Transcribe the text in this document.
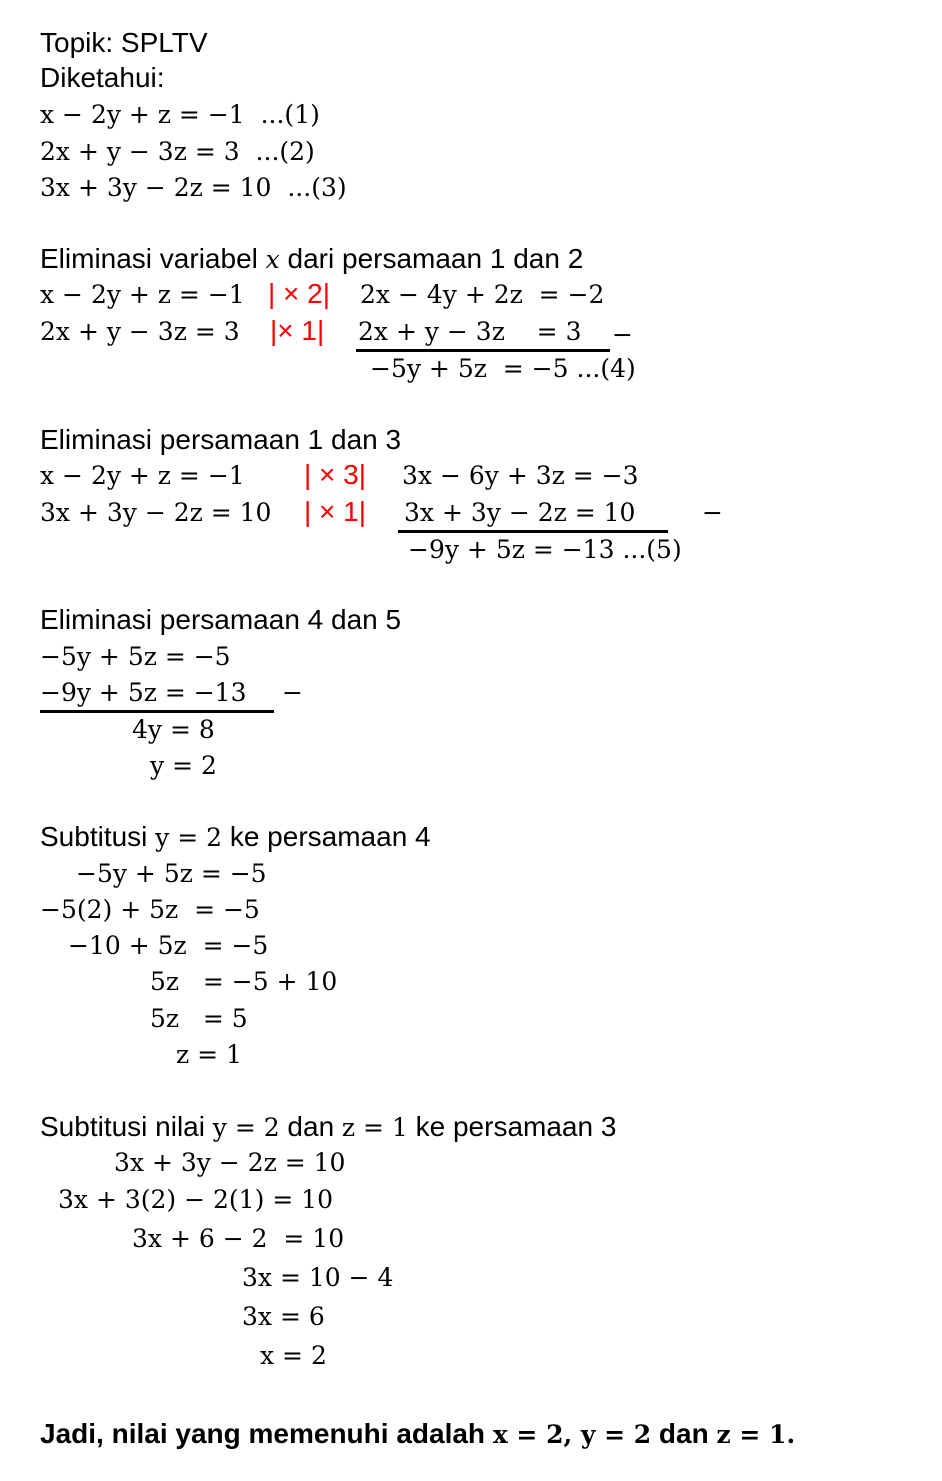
Topik: SPLTV
Diketahui:
x − 2y + z = −1 ...(1)
2x + y − 3z = 3 ...(2)
3x + 3y − 2z = 10 ...(3)
Eliminasi variabel x dari persamaan 1 dan 2
x − 2y + z = −1 | × 2| 2x − 4y + 2z  = −2
2x + y − 3z = 3 |× 1| 2x + y − 3z    = 3 −
−5y + 5z  = −5 ...(4)
Eliminasi persamaan 1 dan 3
x − 2y + z = −1 | × 3| 3x − 6y + 3z = −3
3x + 3y − 2z = 10 | × 1| 3x + 3y − 2z = 10	−
−9y + 5z = −13 ...(5)
Eliminasi persamaan 4 dan 5
−5y + 5z = −5
−9y + 5z = −13 −
4y = 8
y = 2
Subtitusi y = 2 ke persamaan 4
−5y + 5z = −5
−5(2) + 5z  = −5
−10 + 5z  = −5
5z   = −5 + 10
5z   = 5
z = 1
Subtitusi nilai y = 2 dan z = 1 ke persamaan 3
3x + 3y − 2z = 10
3x + 3(2) − 2(1) = 10
3x + 6 − 2  = 10
3x = 10 − 4
3x = 6
x = 2
Jadi, nilai yang memenuhi adalah x = 2, y = 2 dan z = 1.
